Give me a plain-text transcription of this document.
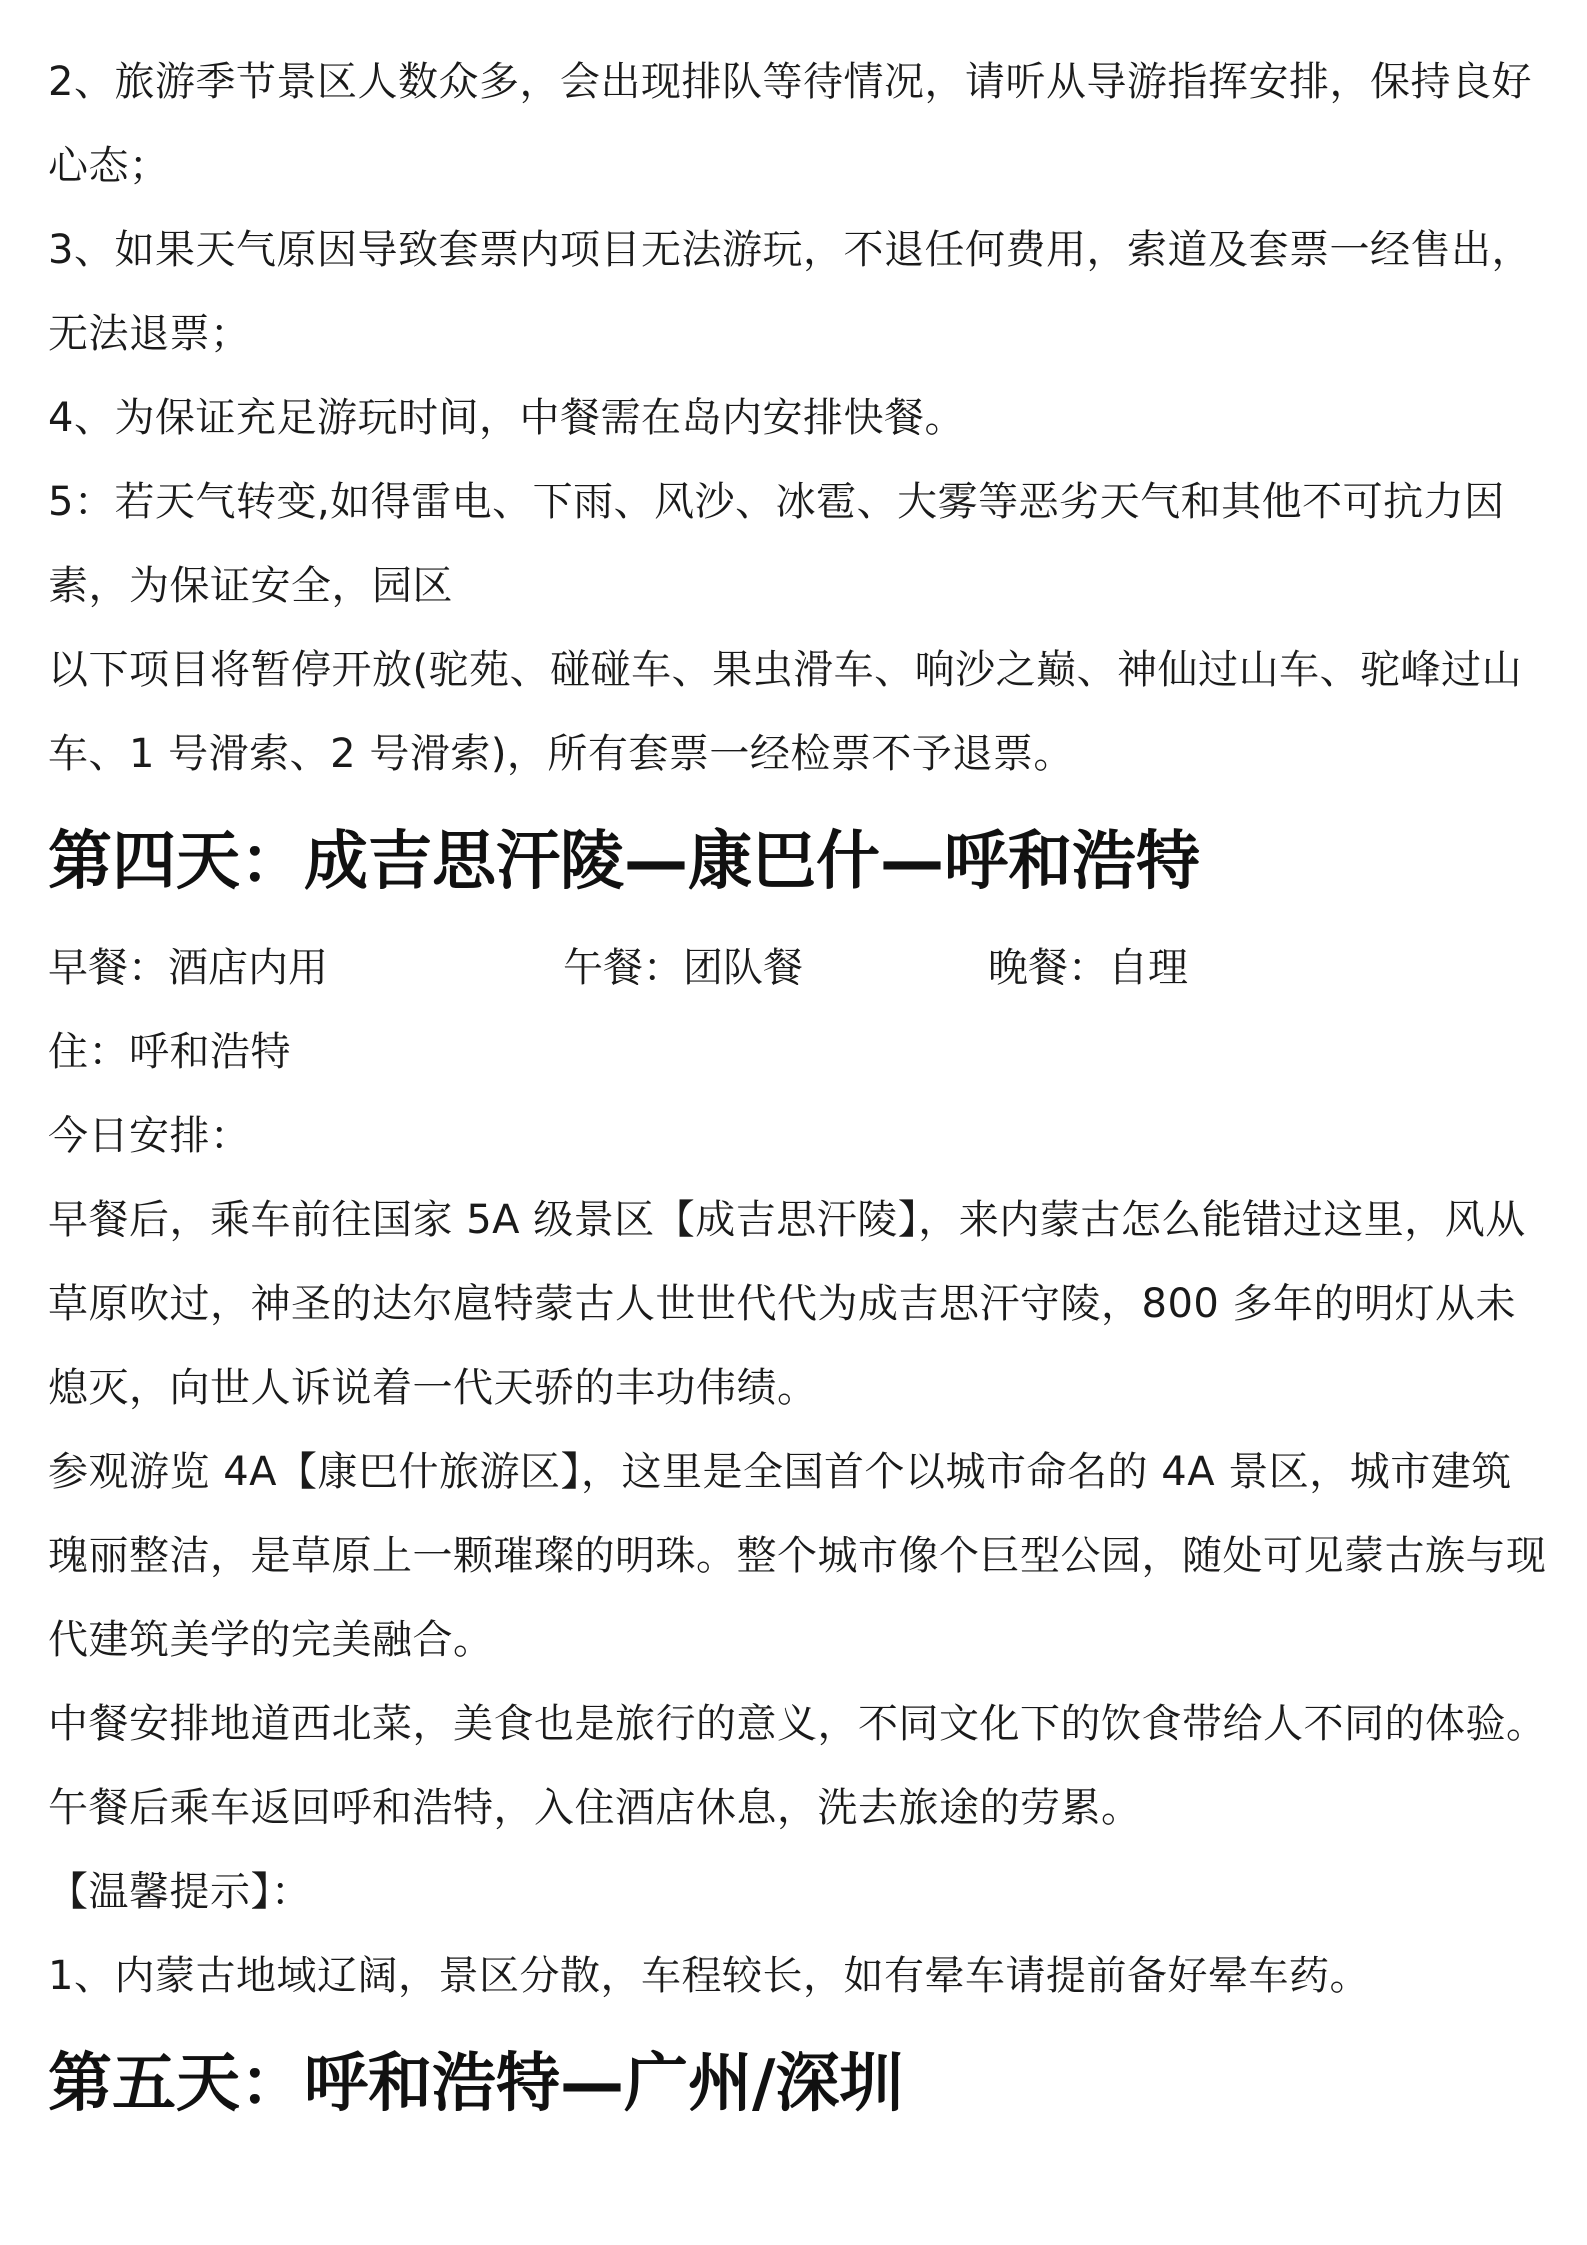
2、旅游季节景区人数众多，会出现排队等待情况，请听从导游指挥安排，保持良好心态；

3、如果天气原因导致套票内项目无法游玩，不退任何费用，索道及套票一经售出，无法退票；

4、为保证充足游玩时间，中餐需在岛内安排快餐。

5：若天气转变,如得雷电、下雨、风沙、冰雹、大雾等恶劣天气和其他不可抗力因素，为保证安全，园区

以下项目将暂停开放(驼苑、碰碰车、果虫滑车、响沙之巅、神仙过山车、驼峰过山车、1 号滑索、2 号滑索)，所有套票一经检票不予退票。

第四天：成吉思汗陵—康巴什—呼和浩特
早餐：酒店内用	午餐：团队餐	晚餐：自理

住：呼和浩特

今日安排：

早餐后，乘车前往国家 5A 级景区【成吉思汗陵】，来内蒙古怎么能错过这里，风从草原吹过，神圣的达尔扈特蒙古人世世代代为成吉思汗守陵，800 多年的明灯从未熄灭，向世人诉说着一代天骄的丰功伟绩。

参观游览 4A【康巴什旅游区】，这里是全国首个以城市命名的 4A 景区，城市建筑瑰丽整洁，是草原上一颗璀璨的明珠。整个城市像个巨型公园，随处可见蒙古族与现代建筑美学的完美融合。

中餐安排地道西北菜，美食也是旅行的意义，不同文化下的饮食带给人不同的体验。

午餐后乘车返回呼和浩特，入住酒店休息，洗去旅途的劳累。

【温馨提示】：

1、内蒙古地域辽阔，景区分散，车程较长，如有晕车请提前备好晕车药。

第五天：呼和浩特—广州/深圳
